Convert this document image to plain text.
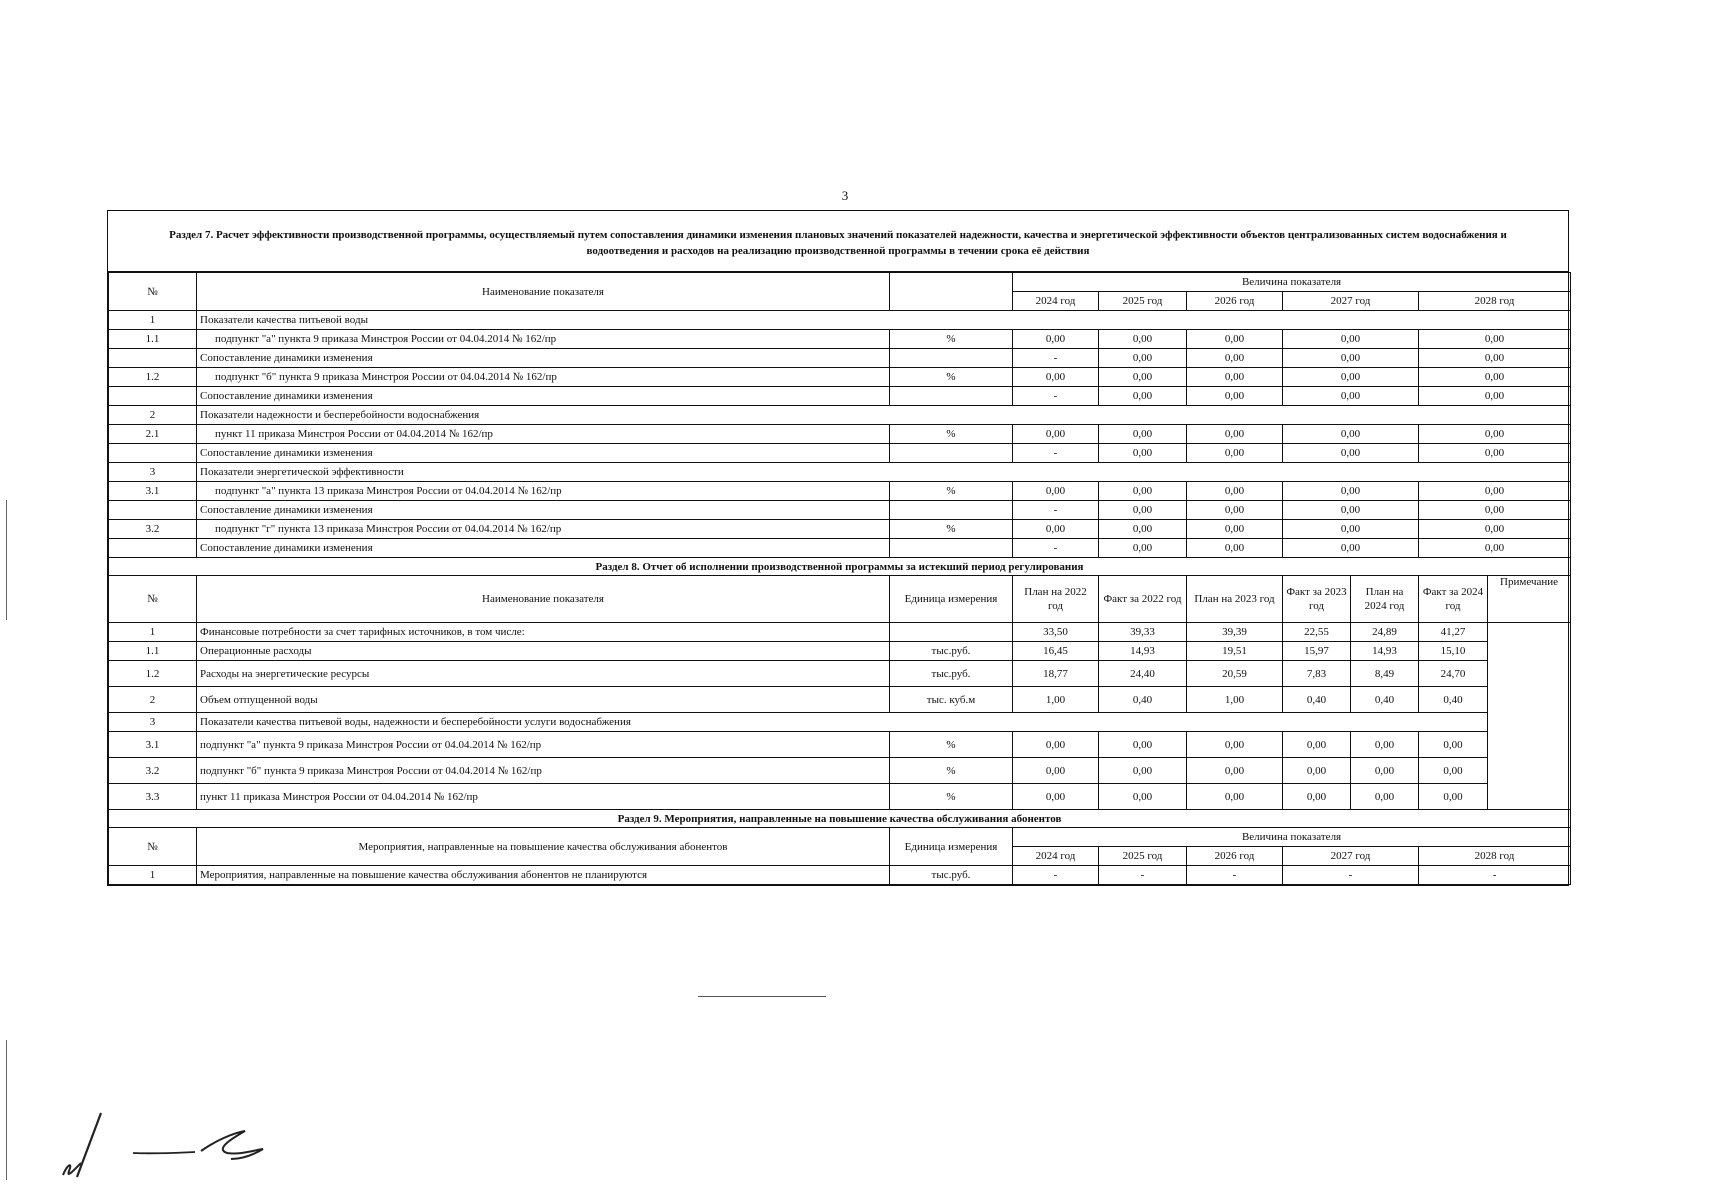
3
Раздел 7. Расчет эффективности производственной программы, осуществляемый путем сопоставления динамики изменения плановых значений показателей надежности, качества и энергетической эффективности объектов централизованных систем водоснабжения и водоотведения и расходов на реализацию производственной программы в течении срока её действия
№	Наименование показателя		Величина показателя						
			2024 год	2025 год	2026 год	2027 год		2028 год	
1	Показатели качества питьевой воды								
1.1	подпункт "а" пункта 9 приказа Минстроя России от 04.04.2014 № 162/пр	%	0,00	0,00	0,00	0,00		0,00	
	Сопоставление динамики изменения		-	0,00	0,00	0,00		0,00	
1.2	подпункт "б" пункта 9 приказа Минстроя России от 04.04.2014 № 162/пр	%	0,00	0,00	0,00	0,00		0,00	
	Сопоставление динамики изменения		-	0,00	0,00	0,00		0,00	
2	Показатели надежности и бесперебойности водоснабжения								
2.1	пункт 11 приказа Минстроя России от 04.04.2014 № 162/пр	%	0,00	0,00	0,00	0,00		0,00	
	Сопоставление динамики изменения		-	0,00	0,00	0,00		0,00	
3	Показатели энергетической эффективности								
3.1	подпункт "а" пункта 13 приказа Минстроя России от 04.04.2014 № 162/пр	%	0,00	0,00	0,00	0,00		0,00	
	Сопоставление динамики изменения		-	0,00	0,00	0,00		0,00	
3.2	подпункт "г" пункта 13 приказа Минстроя России от 04.04.2014 № 162/пр	%	0,00	0,00	0,00	0,00		0,00	
	Сопоставление динамики изменения		-	0,00	0,00	0,00		0,00	
Раздел 8. Отчет об исполнении производственной программы за истекший период регулирования									
№	Наименование показателя	Единица измерения	План на 2022 год	Факт за 2022 год	План на 2023 год	Факт за 2023 год	План на 2024 год	Факт за 2024 год	Примечание
1	Финансовые потребности за счет тарифных источников, в том числе:		33,50	39,33	39,39	22,55	24,89	41,27	
1.1	Операционные расходы	тыс.руб.	16,45	14,93	19,51	15,97	14,93	15,10	
1.2	Расходы на энергетические ресурсы	тыс.руб.	18,77	24,40	20,59	7,83	8,49	24,70	
2	Объем отпущенной воды	тыс. куб.м	1,00	0,40	1,00	0,40	0,40	0,40	
3	Показатели качества питьевой воды, надежности и бесперебойности услуги водоснабжения								
3.1	подпункт "а" пункта 9 приказа Минстроя России от 04.04.2014 № 162/пр	%	0,00	0,00	0,00	0,00	0,00	0,00	
3.2	подпункт "б" пункта 9 приказа Минстроя России от 04.04.2014 № 162/пр	%	0,00	0,00	0,00	0,00	0,00	0,00	
3.3	пункт 11 приказа Минстроя России от 04.04.2014 № 162/пр	%	0,00	0,00	0,00	0,00	0,00	0,00	
Раздел 9. Мероприятия, направленные на повышение качества обслуживания абонентов									
№	Мероприятия, направленные на повышение качества обслуживания абонентов	Единица измерения	Величина показателя						
			2024 год	2025 год	2026 год	2027 год		2028 год	
1	Мероприятия, направленные на повышение качества обслуживания абонентов не планируются	тыс.руб.	-	-	-	-		-	
